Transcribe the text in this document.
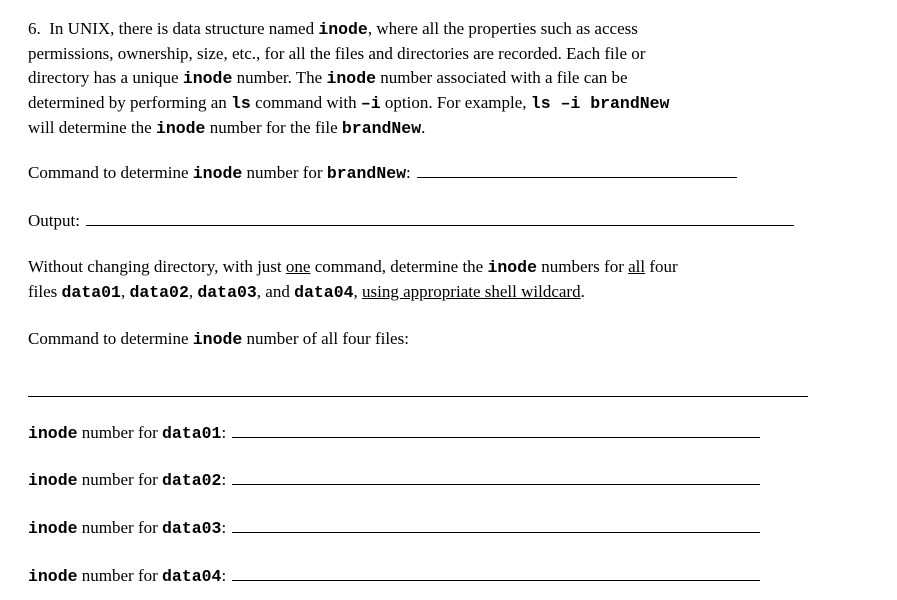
6. In UNIX, there is data structure named inode, where all the properties such as access
permissions, ownership, size, etc., for all the files and directories are recorded. Each file or
directory has a unique inode number. The inode number associated with a file can be
determined by performing an ls command with –i option. For example, ls –i brandNew
will determine the inode number for the file brandNew.
Command to determine
inode
number for
brandNew :
Output:
Without changing directory, with just one command, determine the inode numbers for all four
files data01, data02, data03, and data04, using appropriate shell wildcard.
Command to determine
inode
number of all four files:
inode
number for
data01 :
inode
number for
data02 :
inode
number for
data03 :
inode
number for
data04 :
